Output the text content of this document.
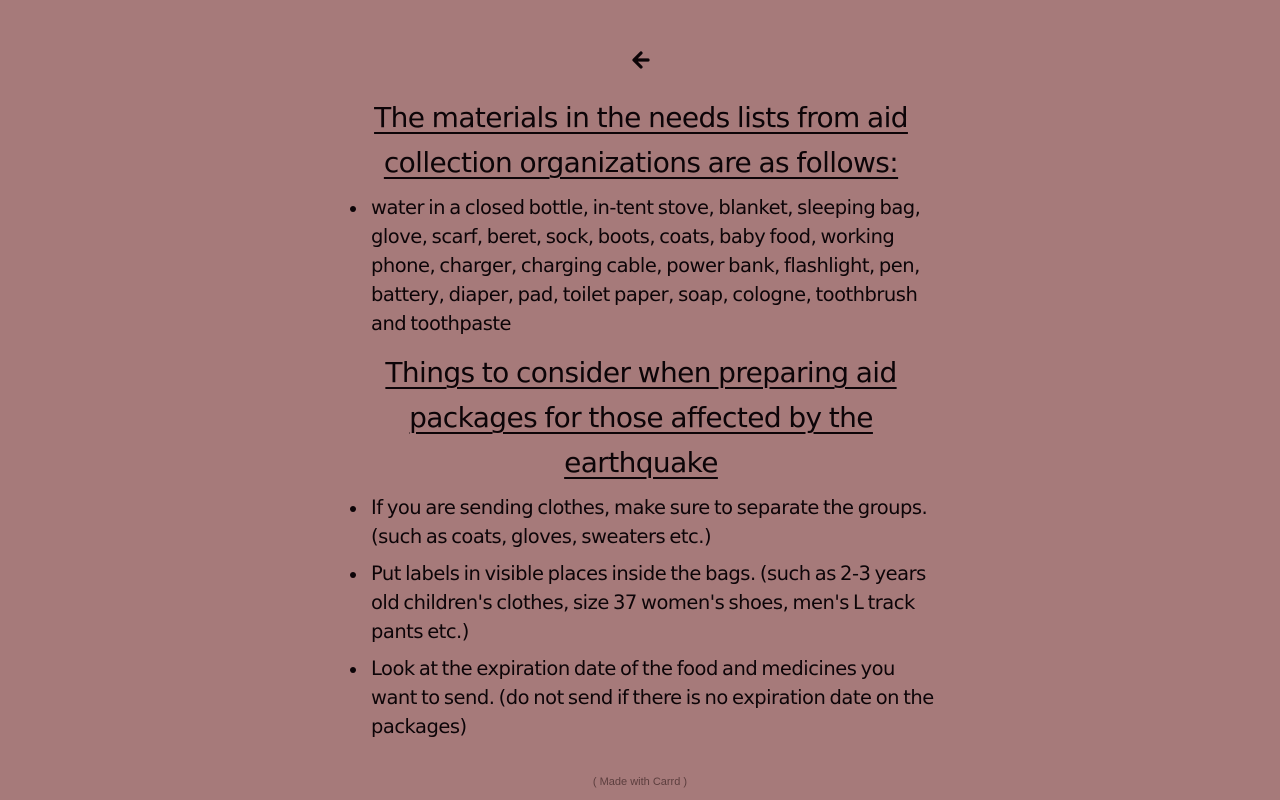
The materials in the needs lists from aid collection organizations are as follows:
water in a closed bottle, in-tent stove, blanket, sleeping bag, glove, scarf, beret, sock, boots, coats, baby food, working phone, charger, charging cable, power bank, flashlight, pen, battery, diaper, pad, toilet paper, soap, cologne, toothbrush and toothpaste
Things to consider when preparing aid packages for those affected by the earthquake
If you are sending clothes, make sure to separate the groups. (such as coats, gloves, sweaters etc.)
Put labels in visible places inside the bags. (such as 2-3 years old children's clothes, size 37 women's shoes, men's L track pants etc.)
Look at the expiration date of the food and medicines you want to send. (do not send if there is no expiration date on the packages)
( Made with Carrd )
